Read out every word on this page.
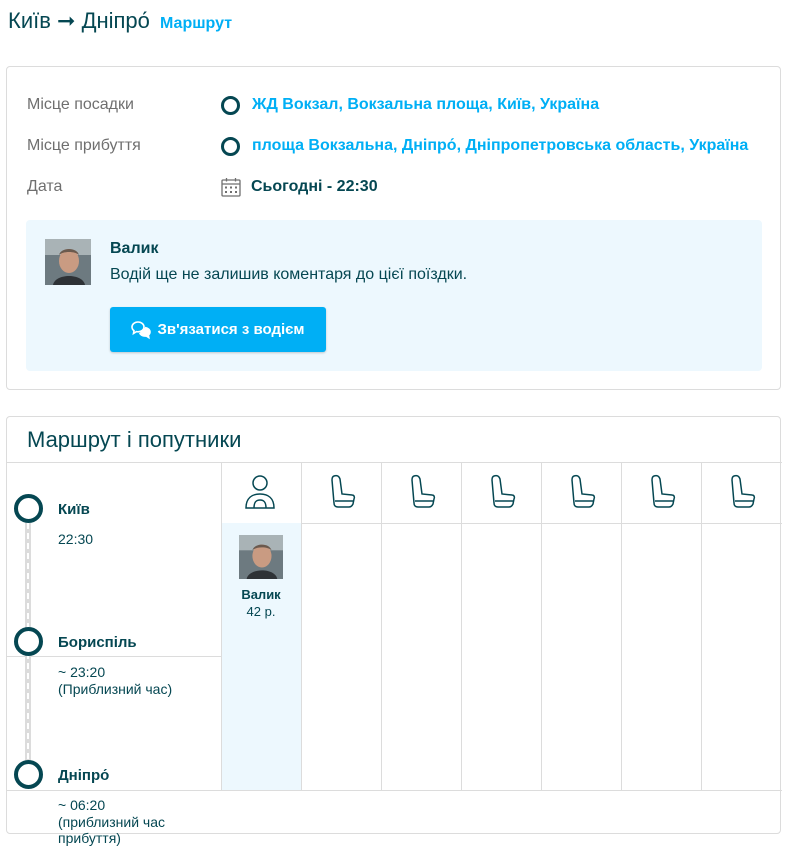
Київ ➞ Дніпро́ Маршрут
Місце посадки	ЖД Вокзал, Вокзальна площа, Київ, Україна
Місце прибуття	площа Вокзальна, Дніпро́, Дніпропетровська область, Україна
Дата	Сьогодні - 22:30
Валик
Водій ще не залишив коментаря до цієї поїздки.
Зв'язатися з водієм
Маршрут і попутники
Київ
22:30
Бориспіль
~ 23:20
(Приблизний час)
Дніпро́
~ 06:20
(приблизний час прибуття)
Валик
42 р.
